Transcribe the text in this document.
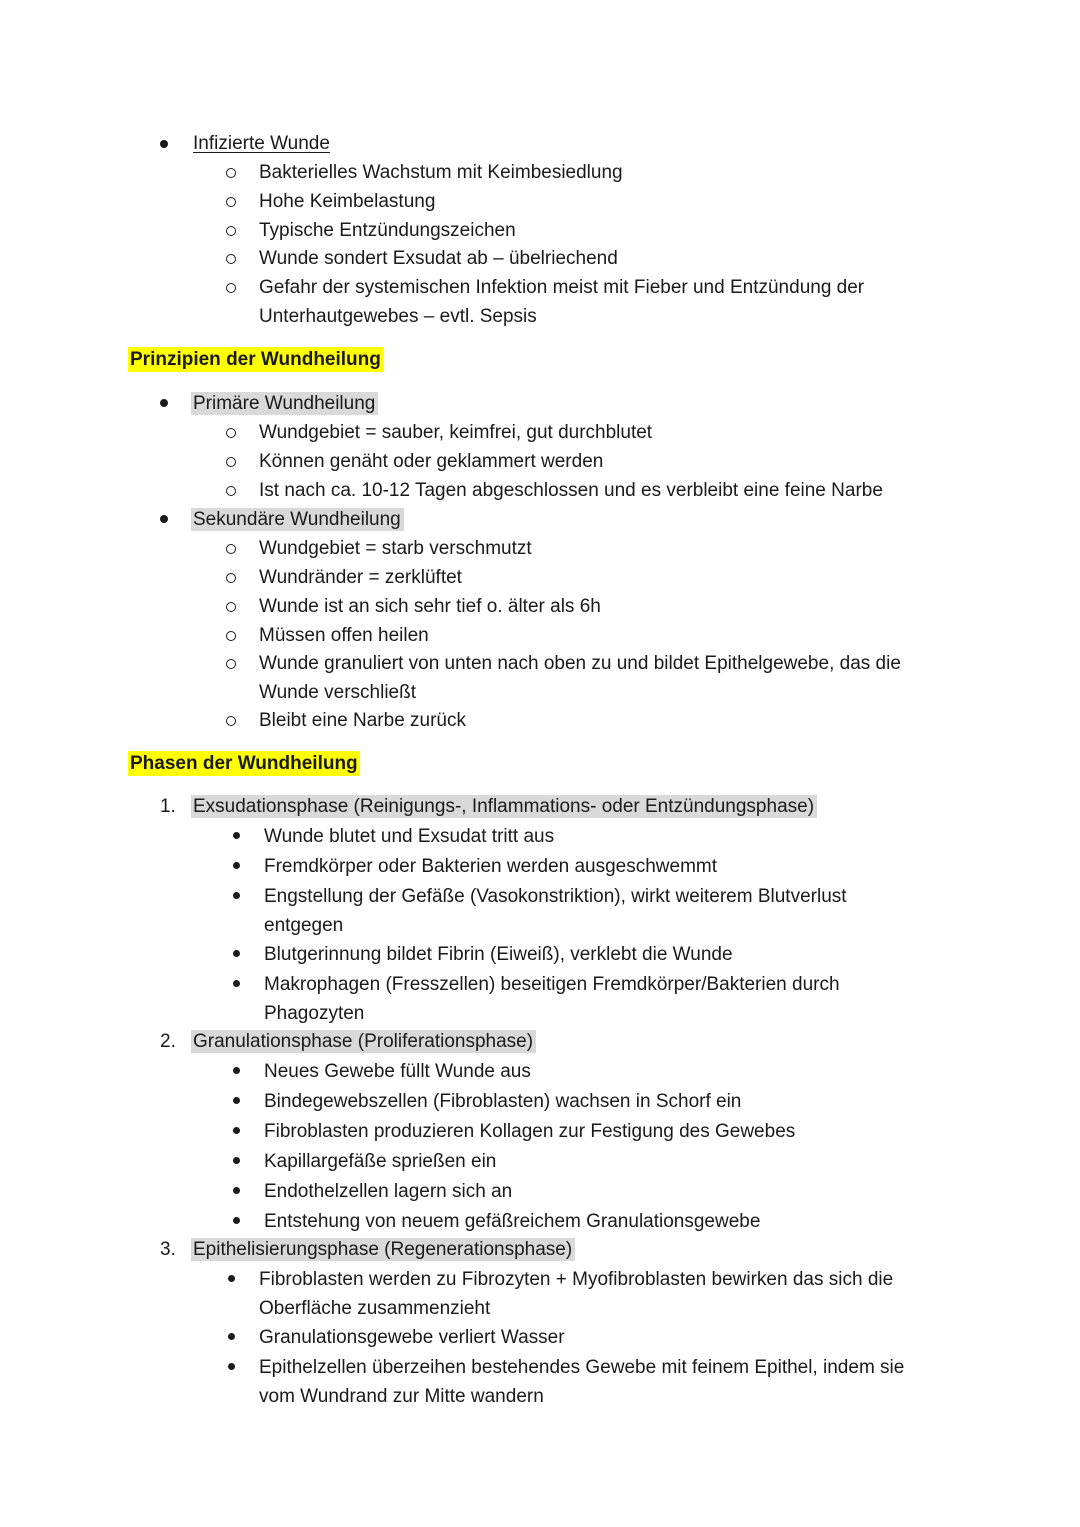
Infizierte Wunde
Bakterielles Wachstum mit Keimbesiedlung
Hohe Keimbelastung
Typische Entzündungszeichen
Wunde sondert Exsudat ab – übelriechend
Gefahr der systemischen Infektion meist mit Fieber und Entzündung der
Unterhautgewebes – evtl. Sepsis
Prinzipien der Wundheilung
Primäre Wundheilung
Wundgebiet = sauber, keimfrei, gut durchblutet
Können genäht oder geklammert werden
Ist nach ca. 10-12 Tagen abgeschlossen und es verbleibt eine feine Narbe
Sekundäre Wundheilung
Wundgebiet = starb verschmutzt
Wundränder = zerklüftet
Wunde ist an sich sehr tief o. älter als 6h
Müssen offen heilen
Wunde granuliert von unten nach oben zu und bildet Epithelgewebe, das die
Wunde verschließt
Bleibt eine Narbe zurück
Phasen der Wundheilung
1. Exsudationsphase (Reinigungs-, Inflammations- oder Entzündungsphase)
Wunde blutet und Exsudat tritt aus
Fremdkörper oder Bakterien werden ausgeschwemmt
Engstellung der Gefäße (Vasokonstriktion), wirkt weiterem Blutverlust
entgegen
Blutgerinnung bildet Fibrin (Eiweiß), verklebt die Wunde
Makrophagen (Fresszellen) beseitigen Fremdkörper/Bakterien durch
Phagozyten
2. Granulationsphase (Proliferationsphase)
Neues Gewebe füllt Wunde aus
Bindegewebszellen (Fibroblasten) wachsen in Schorf ein
Fibroblasten produzieren Kollagen zur Festigung des Gewebes
Kapillargefäße sprießen ein
Endothelzellen lagern sich an
Entstehung von neuem gefäßreichem Granulationsgewebe
3. Epithelisierungsphase (Regenerationsphase)
Fibroblasten werden zu Fibrozyten + Myofibroblasten bewirken das sich die
Oberfläche zusammenzieht
Granulationsgewebe verliert Wasser
Epithelzellen überzeihen bestehendes Gewebe mit feinem Epithel, indem sie
vom Wundrand zur Mitte wandern
